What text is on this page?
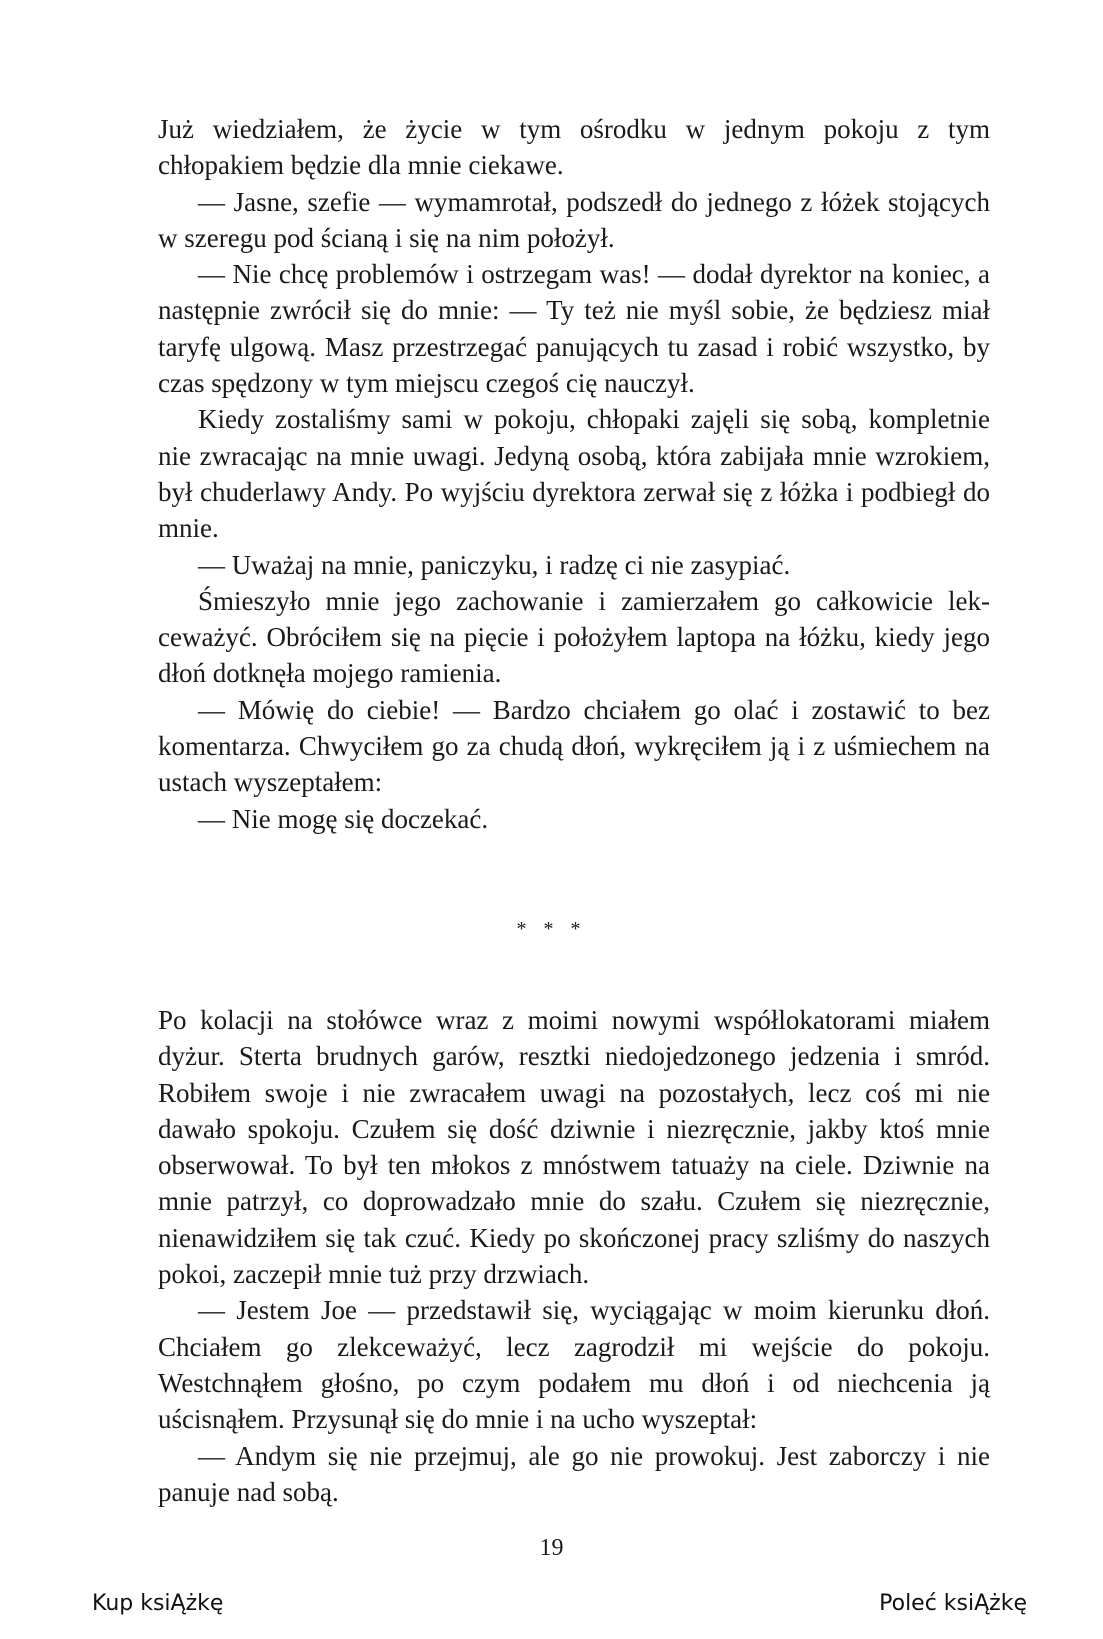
Już wiedziałem, że życie w tym ośrodku w jednym pokoju z tym chłopakiem będzie dla mnie ciekawe.

— Jasne, szefie — wymamrotał, podszedł do jednego z łóżek stojących w szeregu pod ścianą i się na nim położył.

— Nie chcę problemów i ostrzegam was! — dodał dyrektor na koniec, a następnie zwrócił się do mnie: — Ty też nie myśl sobie, że będziesz miał taryfę ulgową. Masz przestrzegać panujących tu zasad i robić wszystko, by czas spędzony w tym miejscu czegoś cię nauczył.

Kiedy zostaliśmy sami w pokoju, chłopaki zajęli się sobą, kompletnie nie zwracając na mnie uwagi. Jedyną osobą, która zabijała mnie wzrokiem, był chuderlawy Andy. Po wyjściu dyrektora zerwał się z łóżka i podbiegł do mnie.

— Uważaj na mnie, paniczyku, i radzę ci nie zasypiać.

Śmieszyło mnie jego zachowanie i zamierzałem go całkowicie lekceważyć. Obróciłem się na pięcie i położyłem laptopa na łóżku, kiedy jego dłoń dotknęła mojego ramienia.

— Mówię do ciebie! — Bardzo chciałem go olać i zostawić to bez komentarza. Chwyciłem go za chudą dłoń, wykręciłem ją i z uśmiechem na ustach wyszeptałem:

— Nie mogę się doczekać.

* * *

Po kolacji na stołówce wraz z moimi nowymi współlokatorami miałem dyżur. Sterta brudnych garów, resztki niedojedzonego jedzenia i smród. Robiłem swoje i nie zwracałem uwagi na pozostałych, lecz coś mi nie dawało spokoju. Czułem się dość dziwnie i niezręcznie, jakby ktoś mnie obserwował. To był ten młokos z mnóstwem tatuaży na ciele. Dziwnie na mnie patrzył, co doprowadzało mnie do szału. Czułem się niezręcznie, nienawidziłem się tak czuć. Kiedy po skończonej pracy szliśmy do naszych pokoi, zaczepił mnie tuż przy drzwiach.

— Jestem Joe — przedstawił się, wyciągając w moim kierunku dłoń. Chciałem go zlekceważyć, lecz zagrodził mi wejście do pokoju. Westchnąłem głośno, po czym podałem mu dłoń i od niechcenia ją uścisnąłem. Przysunął się do mnie i na ucho wyszeptał:

— Andym się nie przejmuj, ale go nie prowokuj. Jest zaborczy i nie panuje nad sobą.

19
Kup ksiĄżkę	Poleć ksiĄżkę
